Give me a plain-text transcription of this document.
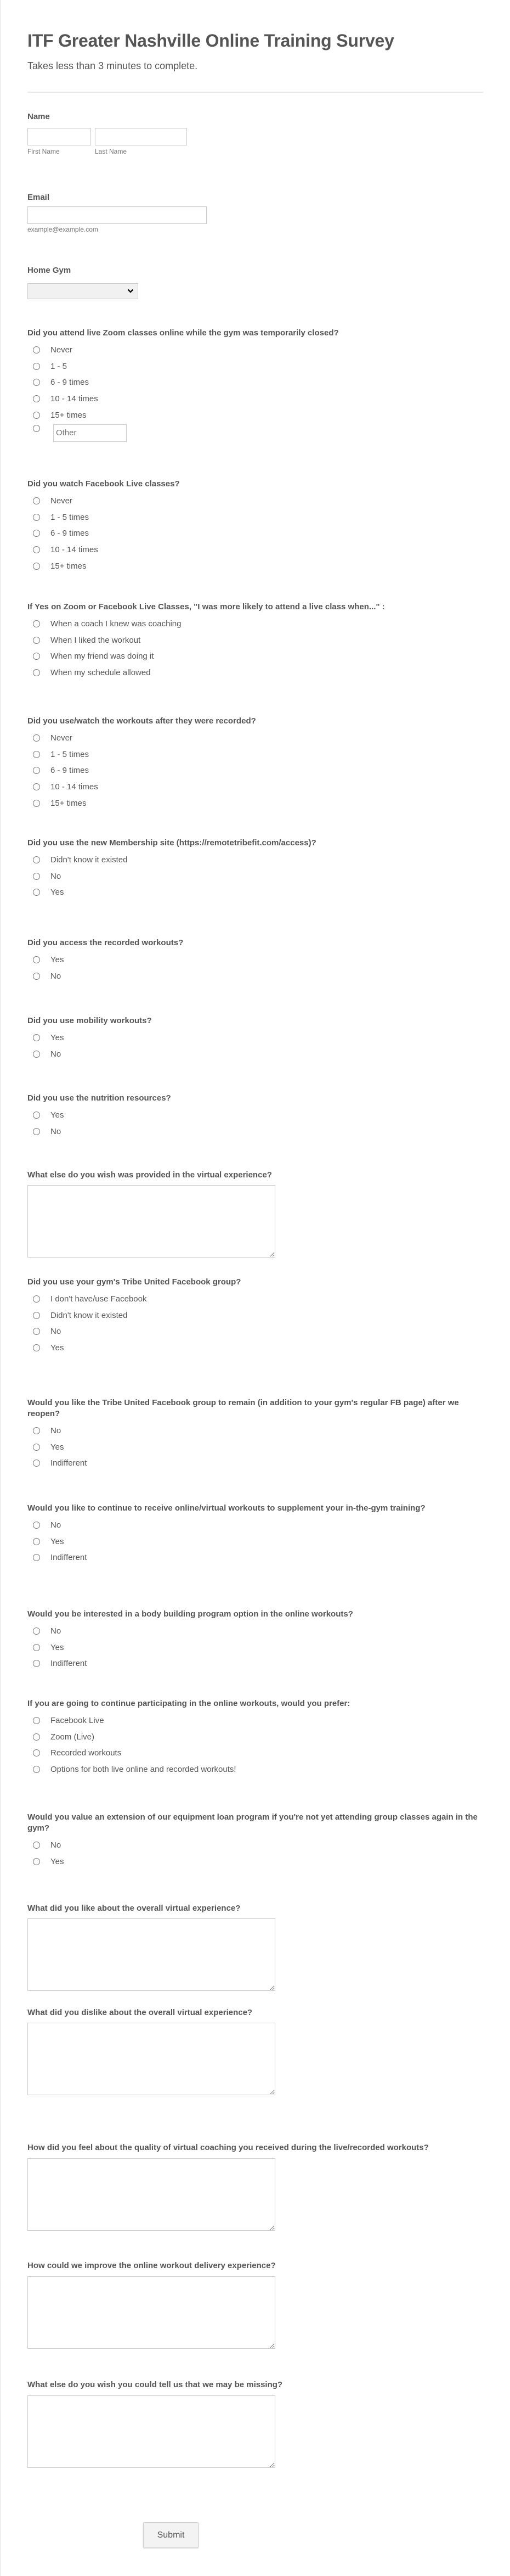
ITF Greater Nashville Online Training Survey

Takes less than 3 minutes to complete.

Name
First Name	Last Name
Email
example@example.com
Home Gym
Did you attend live Zoom classes online while the gym was temporarily closed?
Never
1 - 5
6 - 9 times
10 - 14 times
15+ times
Other
Did you watch Facebook Live classes?
Never
1 - 5 times
6 - 9 times
10 - 14 times
15+ times
If Yes on Zoom or Facebook Live Classes, "I was more likely to attend a live class when..." :
When a coach I knew was coaching
When I liked the workout
When my friend was doing it
When my schedule allowed
Did you use/watch the workouts after they were recorded?
Never
1 - 5 times
6 - 9 times
10 - 14 times
15+ times
Did you use the new Membership site (https://remotetribefit.com/access)?
Didn't know it existed
No
Yes
Did you access the recorded workouts?
Yes
No
Did you use mobility workouts?
Yes
No
Did you use the nutrition resources?
Yes
No
What else do you wish was provided in the virtual experience?
Did you use your gym's Tribe United Facebook group?
I don't have/use Facebook
Didn't know it existed
No
Yes
Would you like the Tribe United Facebook group to remain (in addition to your gym's regular FB page) after we reopen?
No
Yes
Indifferent
Would you like to continue to receive online/virtual workouts to supplement your in-the-gym training?
No
Yes
Indifferent
Would you be interested in a body building program option in the online workouts?
No
Yes
Indifferent
If you are going to continue participating in the online workouts, would you prefer:
Facebook Live
Zoom (Live)
Recorded workouts
Options for both live online and recorded workouts!
Would you value an extension of our equipment loan program if you're not yet attending group classes again in the gym?
No
Yes
What did you like about the overall virtual experience?
What did you dislike about the overall virtual experience?
How did you feel about the quality of virtual coaching you received during the live/recorded workouts?
How could we improve the online workout delivery experience?
What else do you wish you could tell us that we may be missing?
Submit
